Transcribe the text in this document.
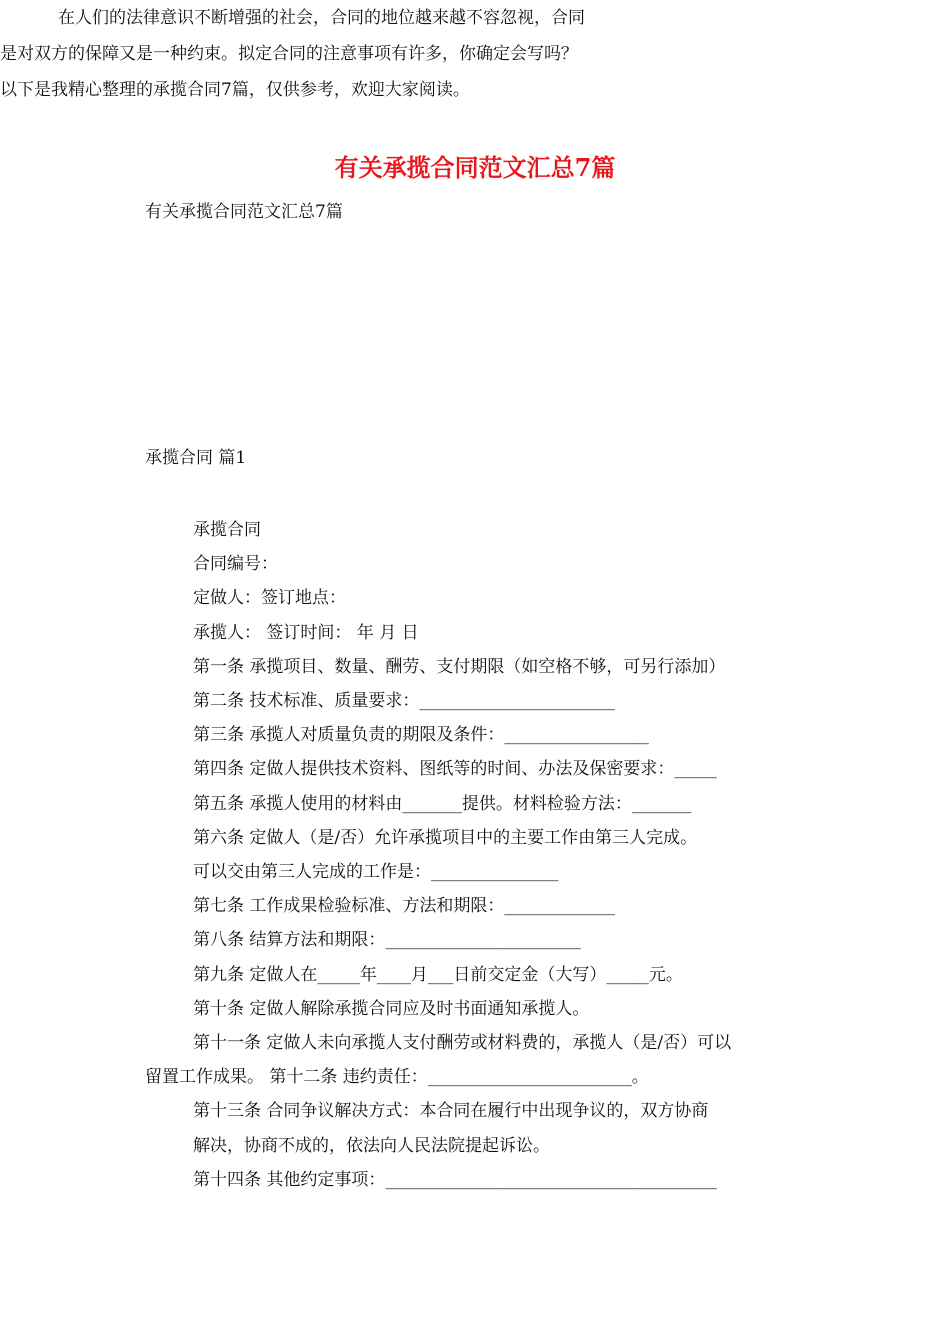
有关承揽合同范文汇总7篇
有关承揽合同范文汇总7篇

在人们的法律意识不断增强的社会，合同的地位越来越不容忽视，合同

是对双方的保障又是一种约束。拟定合同的注意事项有许多，你确定会写吗？

以下是我精心整理的承揽合同7篇，仅供参考，欢迎大家阅读。

承揽合同 篇1

承揽合同

合同编号：

定做人：签订地点：

承揽人： 签订时间： 年 月 日

第一条 承揽项目、数量、酬劳、支付期限（如空格不够，可另行添加）

第二条 技术标准、质量要求：_______________________

第三条 承揽人对质量负责的期限及条件：_________________

第四条 定做人提供技术资料、图纸等的时间、办法及保密要求：_____

第五条 承揽人使用的材料由_______提供。材料检验方法：_______

第六条 定做人（是/否）允许承揽项目中的主要工作由第三人完成。

可以交由第三人完成的工作是：_______________

第七条 工作成果检验标准、方法和期限：_____________

第八条 结算方法和期限：_______________________

第九条 定做人在_____年____月___日前交定金（大写）_____元。

第十条 定做人解除承揽合同应及时书面通知承揽人。

第十一条 定做人未向承揽人支付酬劳或材料费的，承揽人（是/否）可以

留置工作成果。 第十二条 违约责任：________________________。

第十三条 合同争议解决方式：本合同在履行中出现争议的，双方协商

解决，协商不成的，依法向人民法院提起诉讼。

第十四条 其他约定事项：_______________________________________
